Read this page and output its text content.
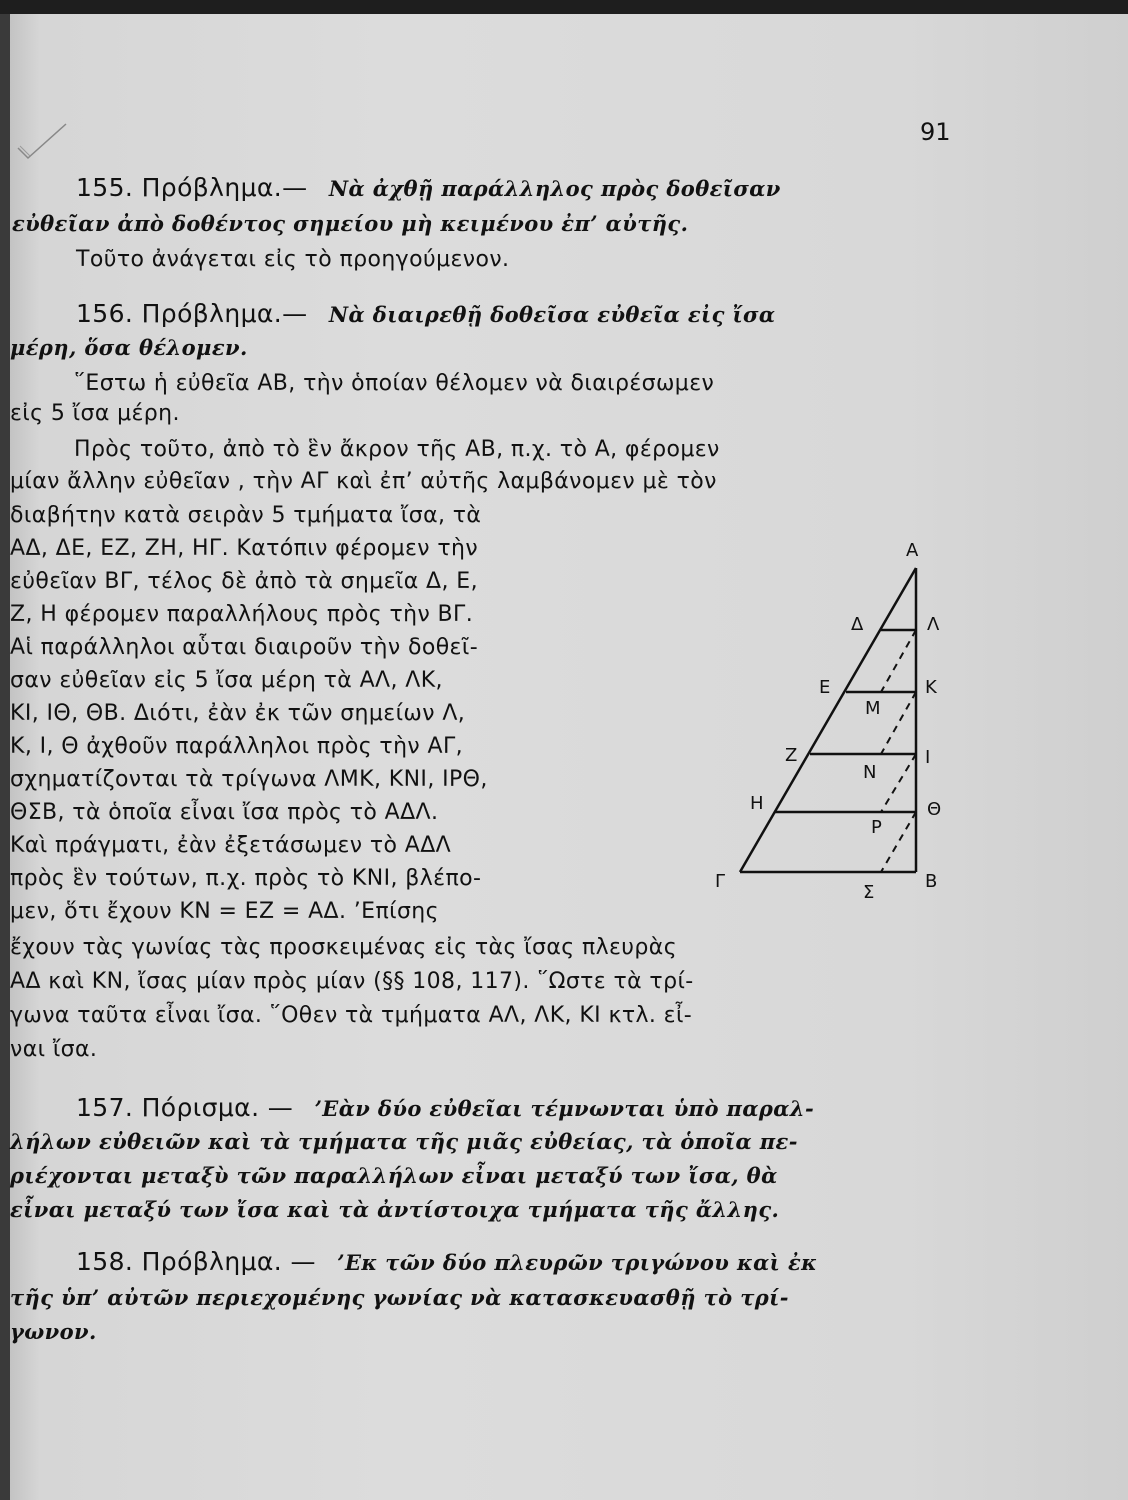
91
155. Πρόβλημα.— Νὰ ἀχθῇ παράλληλος πρὸς δοθεῖσαν
εὐθεῖαν ἀπὸ δοθέντος σημείου μὴ κειμένου ἐπ’ αὐτῆς.
Τοῦτο ἀνάγεται εἰς τὸ προηγούμενον.
156. Πρόβλημα.— Νὰ διαιρεθῇ δοθεῖσα εὐθεῖα εἰς ἴσα
μέρη, ὅσα θέλομεν.
῞Εστω ἡ εὐθεῖα ΑΒ, τὴν ὁποίαν θέλομεν νὰ διαιρέσωμεν
εἰς 5 ἴσα μέρη.
Πρὸς τοῦτο, ἀπὸ τὸ ἓν ἄκρον τῆς ΑΒ, π.χ. τὸ Α, φέρομεν
μίαν ἄλλην εὐθεῖαν , τὴν ΑΓ καὶ ἐπ’ αὐτῆς λαμβάνομεν μὲ τὸν
διαβήτην κατὰ σειρὰν 5 τμήματα ἴσα, τὰ
ΑΔ, ΔΕ, ΕΖ, ΖΗ, ΗΓ. Κατόπιν φέρομεν τὴν
εὐθεῖαν ΒΓ, τέλος δὲ ἀπὸ τὰ σημεῖα Δ, Ε,
Ζ, Η φέρομεν παραλλήλους πρὸς τὴν ΒΓ.
Αἱ παράλληλοι αὗται διαιροῦν τὴν δοθεῖ-
σαν εὐθεῖαν εἰς 5 ἴσα μέρη τὰ ΑΛ, ΛΚ,
ΚΙ, ΙΘ, ΘΒ. Διότι, ἐὰν ἐκ τῶν σημείων Λ,
Κ, Ι, Θ ἀχθοῦν παράλληλοι πρὸς τὴν ΑΓ,
σχηματίζονται τὰ τρίγωνα ΛΜΚ, ΚΝΙ, ΙΡΘ,
ΘΣΒ, τὰ ὁποῖα εἶναι ἴσα πρὸς τὸ ΑΔΛ.
Καὶ πράγματι, ἐὰν ἐξετάσωμεν τὸ ΑΔΛ
πρὸς ἓν τούτων, π.χ. πρὸς τὸ ΚΝΙ, βλέπο-
μεν, ὅτι ἔχουν ΚΝ = ΕΖ = ΑΔ. ’Επίσης
ἔχουν τὰς γωνίας τὰς προσκειμένας εἰς τὰς ἴσας πλευρὰς
ΑΔ καὶ ΚΝ, ἴσας μίαν πρὸς μίαν (§§ 108, 117). ῞Ωστε τὰ τρί-
γωνα ταῦτα εἶναι ἴσα. ῞Οθεν τὰ τμήματα ΑΛ, ΛΚ, ΚΙ κτλ. εἶ-
ναι ἴσα.
Α
Δ	Λ
Ε	Κ
Μ
Ζ	Ι
Ν
Η	Θ
Ρ
Γ
Σ
Β
157. Πόρισμα. — ’Εὰν δύο εὐθεῖαι τέμνωνται ὑπὸ παραλ-
λήλων εὐθειῶν καὶ τὰ τμήματα τῆς μιᾶς εὐθείας, τὰ ὁποῖα πε-
ριέχονται μεταξὺ τῶν παραλλήλων εἶναι μεταξύ των ἴσα, θὰ
εἶναι μεταξύ των ἴσα καὶ τὰ ἀντίστοιχα τμήματα τῆς ἄλλης.
158. Πρόβλημα. — ’Εκ τῶν δύο πλευρῶν τριγώνου καὶ ἐκ
τῆς ὑπ’ αὐτῶν περιεχομένης γωνίας νὰ κατασκευασθῇ τὸ τρί-
γωνον.
